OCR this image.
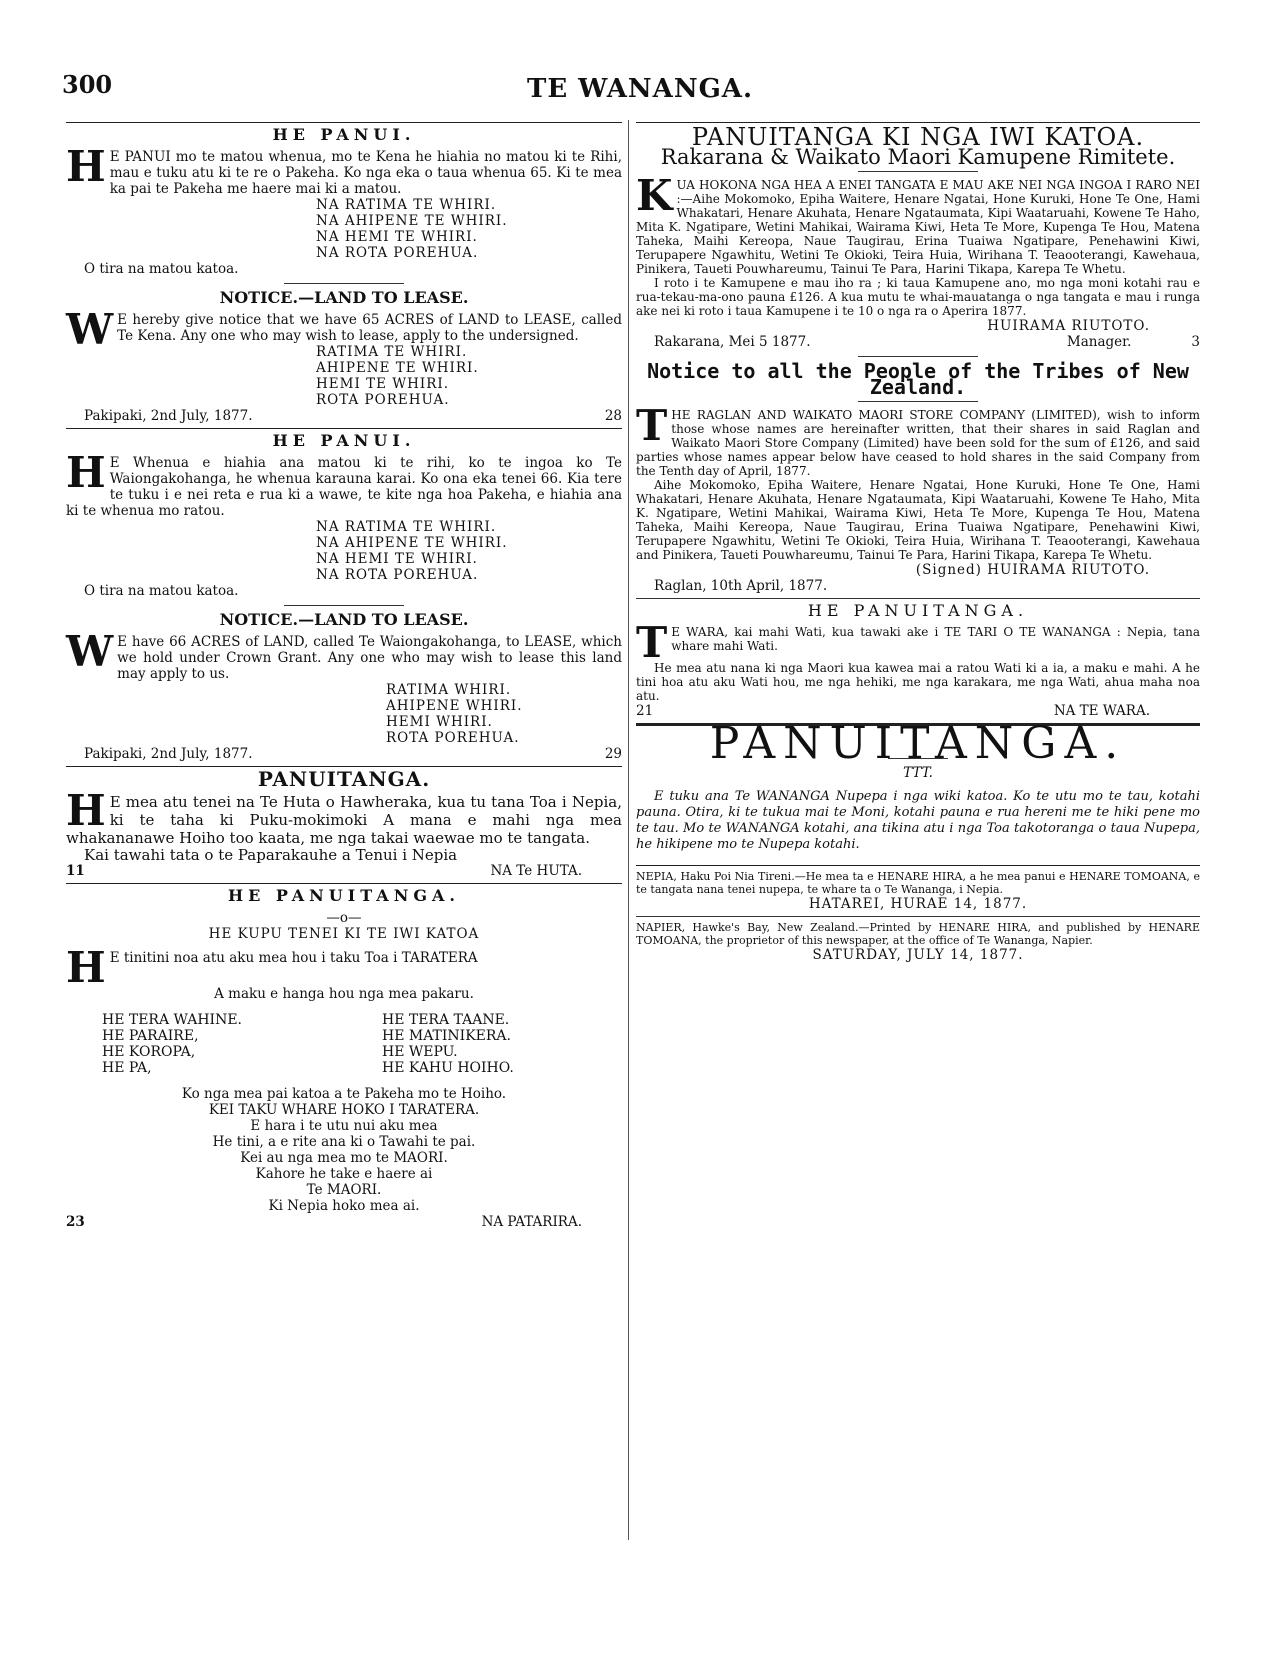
300	TE WANANGA.
HE PANUI.

H E PANUI mo te matou whenua, mo te Kena he hiahia no matou ki te Rihi, mau e tuku atu ki te re o Pakeha. Ko nga eka o taua whenua 65. Ki te mea ka pai te Pakeha me haere mai ki a matou.

NA RATIMA TE WHIRI.
NA AHIPENE TE WHIRI.
NA HEMI TE WHIRI.
NA ROTA POREHUA.
O tira na matou katoa.
NOTICE.—LAND TO LEASE.

W E hereby give notice that we have 65 ACRES of LAND to LEASE, called Te Kena. Any one who may wish to lease, apply to the undersigned.

RATIMA TE WHIRI.
AHIPENE TE WHIRI.
HEMI TE WHIRI.
ROTA POREHUA.
Pakipaki, 2nd July, 1877.	28
HE PANUI.

H E Whenua e hiahia ana matou ki te rihi, ko te ingoa ko Te Waiongakohanga, he whenua karauna karai. Ko ona eka tenei 66. Kia tere te tuku i e nei reta e rua ki a wawe, te kite nga hoa Pakeha, e hiahia ana ki te whenua mo ratou.

NA RATIMA TE WHIRI.
NA AHIPENE TE WHIRI.
NA HEMI TE WHIRI.
NA ROTA POREHUA.
O tira na matou katoa.
NOTICE.—LAND TO LEASE.

W E have 66 ACRES of LAND, called Te Waiongakohanga, to LEASE, which we hold under Crown Grant. Any one who may wish to lease this land may apply to us.

RATIMA WHIRI.
AHIPENE WHIRI.
HEMI WHIRI.
ROTA POREHUA.
Pakipaki, 2nd July, 1877.	29
PANUITANGA.

H E mea atu tenei na Te Huta o Hawheraka, kua tu tana Toa i Nepia, ki te taha ki Puku-mokimoki A mana e mahi nga mea whakananawe Hoiho too kaata, me nga takai waewae mo te tangata.

Kai tawahi tata o te Paparakauhe a Tenui i Nepia
11	NA Te HUTA.
HE PANUITANGA.
—o—
HE KUPU TENEI KI TE IWI KATOA

H E tinitini noa atu aku mea hou i taku Toa i TARATERA

A maku e hanga hou nga mea pakaru.
HE TERA WAHINE.	HE TERA TAANE.
HE PARAIRE,	HE MATINIKERA.
HE KOROPA,	HE WEPU.
HE PA,	HE KAHU HOIHO.
Ko nga mea pai katoa a te Pakeha mo te Hoiho.
KEI TAKU WHARE HOKO I TARATERA.
E hara i te utu nui aku mea
He tini, a e rite ana ki o Tawahi te pai.
Kei au nga mea mo te MAORI.
Kahore he take e haere ai
Te MAORI.
Ki Nepia hoko mea ai.
23	NA PATARIRA.
PANUITANGA KI NGA IWI KATOA.
Rakarana & Waikato Maori Kamupene Rimitete.

KUA HOKONA NGA HEA A ENEI TANGATA E MAU AKE NEI NGA INGOA I RARO NEI :—Aihe Mokomoko, Epiha Waitere, Henare Ngatai, Hone Kuruki, Hone Te One, Hami Whakatari, Henare Akuhata, Henare Ngataumata, Kipi Waataruahi, Kowene Te Haho, Mita K. Ngatipare, Wetini Mahikai, Wairama Kiwi, Heta Te More, Kupenga Te Hou, Matena Taheka, Maihi Kereopa, Naue Taugirau, Erina Tuaiwa Ngatipare, Penehawini Kiwi, Terupapere Ngawhitu, Wetini Te Okioki, Teira Huia, Wirihana T. Teaooterangi, Kawehaua, Pinikera, Taueti Pouwhareumu, Tainui Te Para, Harini Tikapa, Karepa Te Whetu.

I roto i te Kamupene e mau iho ra ; ki taua Kamupene ano, mo nga moni kotahi rau e rua-tekau-ma-ono pauna £126. A kua mutu te whai-mauatanga o nga tangata e mau i runga ake nei ki roto i taua Kamupene i te 10 o nga ra o Aperira 1877.

HUIRAMA RIUTOTO.
Rakarana, Mei 5 1877.	Manager.	3
Notice to all the People of the Tribes of New Zealand.

THE RAGLAN AND WAIKATO MAORI STORE COMPANY (LIMITED), wish to inform those whose names are hereinafter written, that their shares in said Raglan and Waikato Maori Store Company (Limited) have been sold for the sum of £126, and said parties whose names appear below have ceased to hold shares in the said Company from the Tenth day of April, 1877.

Aihe Mokomoko, Epiha Waitere, Henare Ngatai, Hone Kuruki, Hone Te One, Hami Whakatari, Henare Akuhata, Henare Ngataumata, Kipi Waataruahi, Kowene Te Haho, Mita K. Ngatipare, Wetini Mahikai, Wairama Kiwi, Heta Te More, Kupenga Te Hou, Matena Taheka, Maihi Kereopa, Naue Taugirau, Erina Tuaiwa Ngatipare, Penehawini Kiwi, Terupapere Ngawhitu, Wetini Te Okioki, Teira Huia, Wirihana T. Teaooterangi, Kawehaua and Pinikera, Taueti Pouwhareumu, Tainui Te Para, Harini Tikapa, Karepa Te Whetu.

(Signed) HUIRAMA RIUTOTO.
Raglan, 10th April, 1877.
HE PANUITANGA.

T E WARA, kai mahi Wati, kua tawaki ake i TE TARI O TE WANANGA : Nepia, tana whare mahi Wati.

He mea atu nana ki nga Maori kua kawea mai a ratou Wati ki a ia, a maku e mahi. A he tini hoa atu aku Wati hou, me nga hehiki, me nga karakara, me nga Wati, ahua maha noa atu.

21	NA TE WARA.
PANUITANGA.
TTT.

E tuku ana Te WANANGA Nupepa i nga wiki katoa. Ko te utu mo te tau, kotahi pauna. Otira, ki te tukua mai te Moni, kotahi pauna e rua hereni me te hiki pene mo te tau. Mo te WANANGA kotahi, ana tikina atu i nga Toa takotoranga o taua Nupepa, he hikipene mo te Nupepa kotahi.

NEPIA, Haku Poi Nia Tireni.—He mea ta e HENARE HIRA, a he mea panui e HENARE TOMOANA, e te tangata nana tenei nupepa, te whare ta o Te Wananga, i Nepia.

HATAREI, HURAE 14, 1877.

NAPIER, Hawke's Bay, New Zealand.—Printed by HENARE HIRA, and published by HENARE TOMOANA, the proprietor of this newspaper, at the office of Te Wananga, Napier.

SATURDAY, JULY 14, 1877.
